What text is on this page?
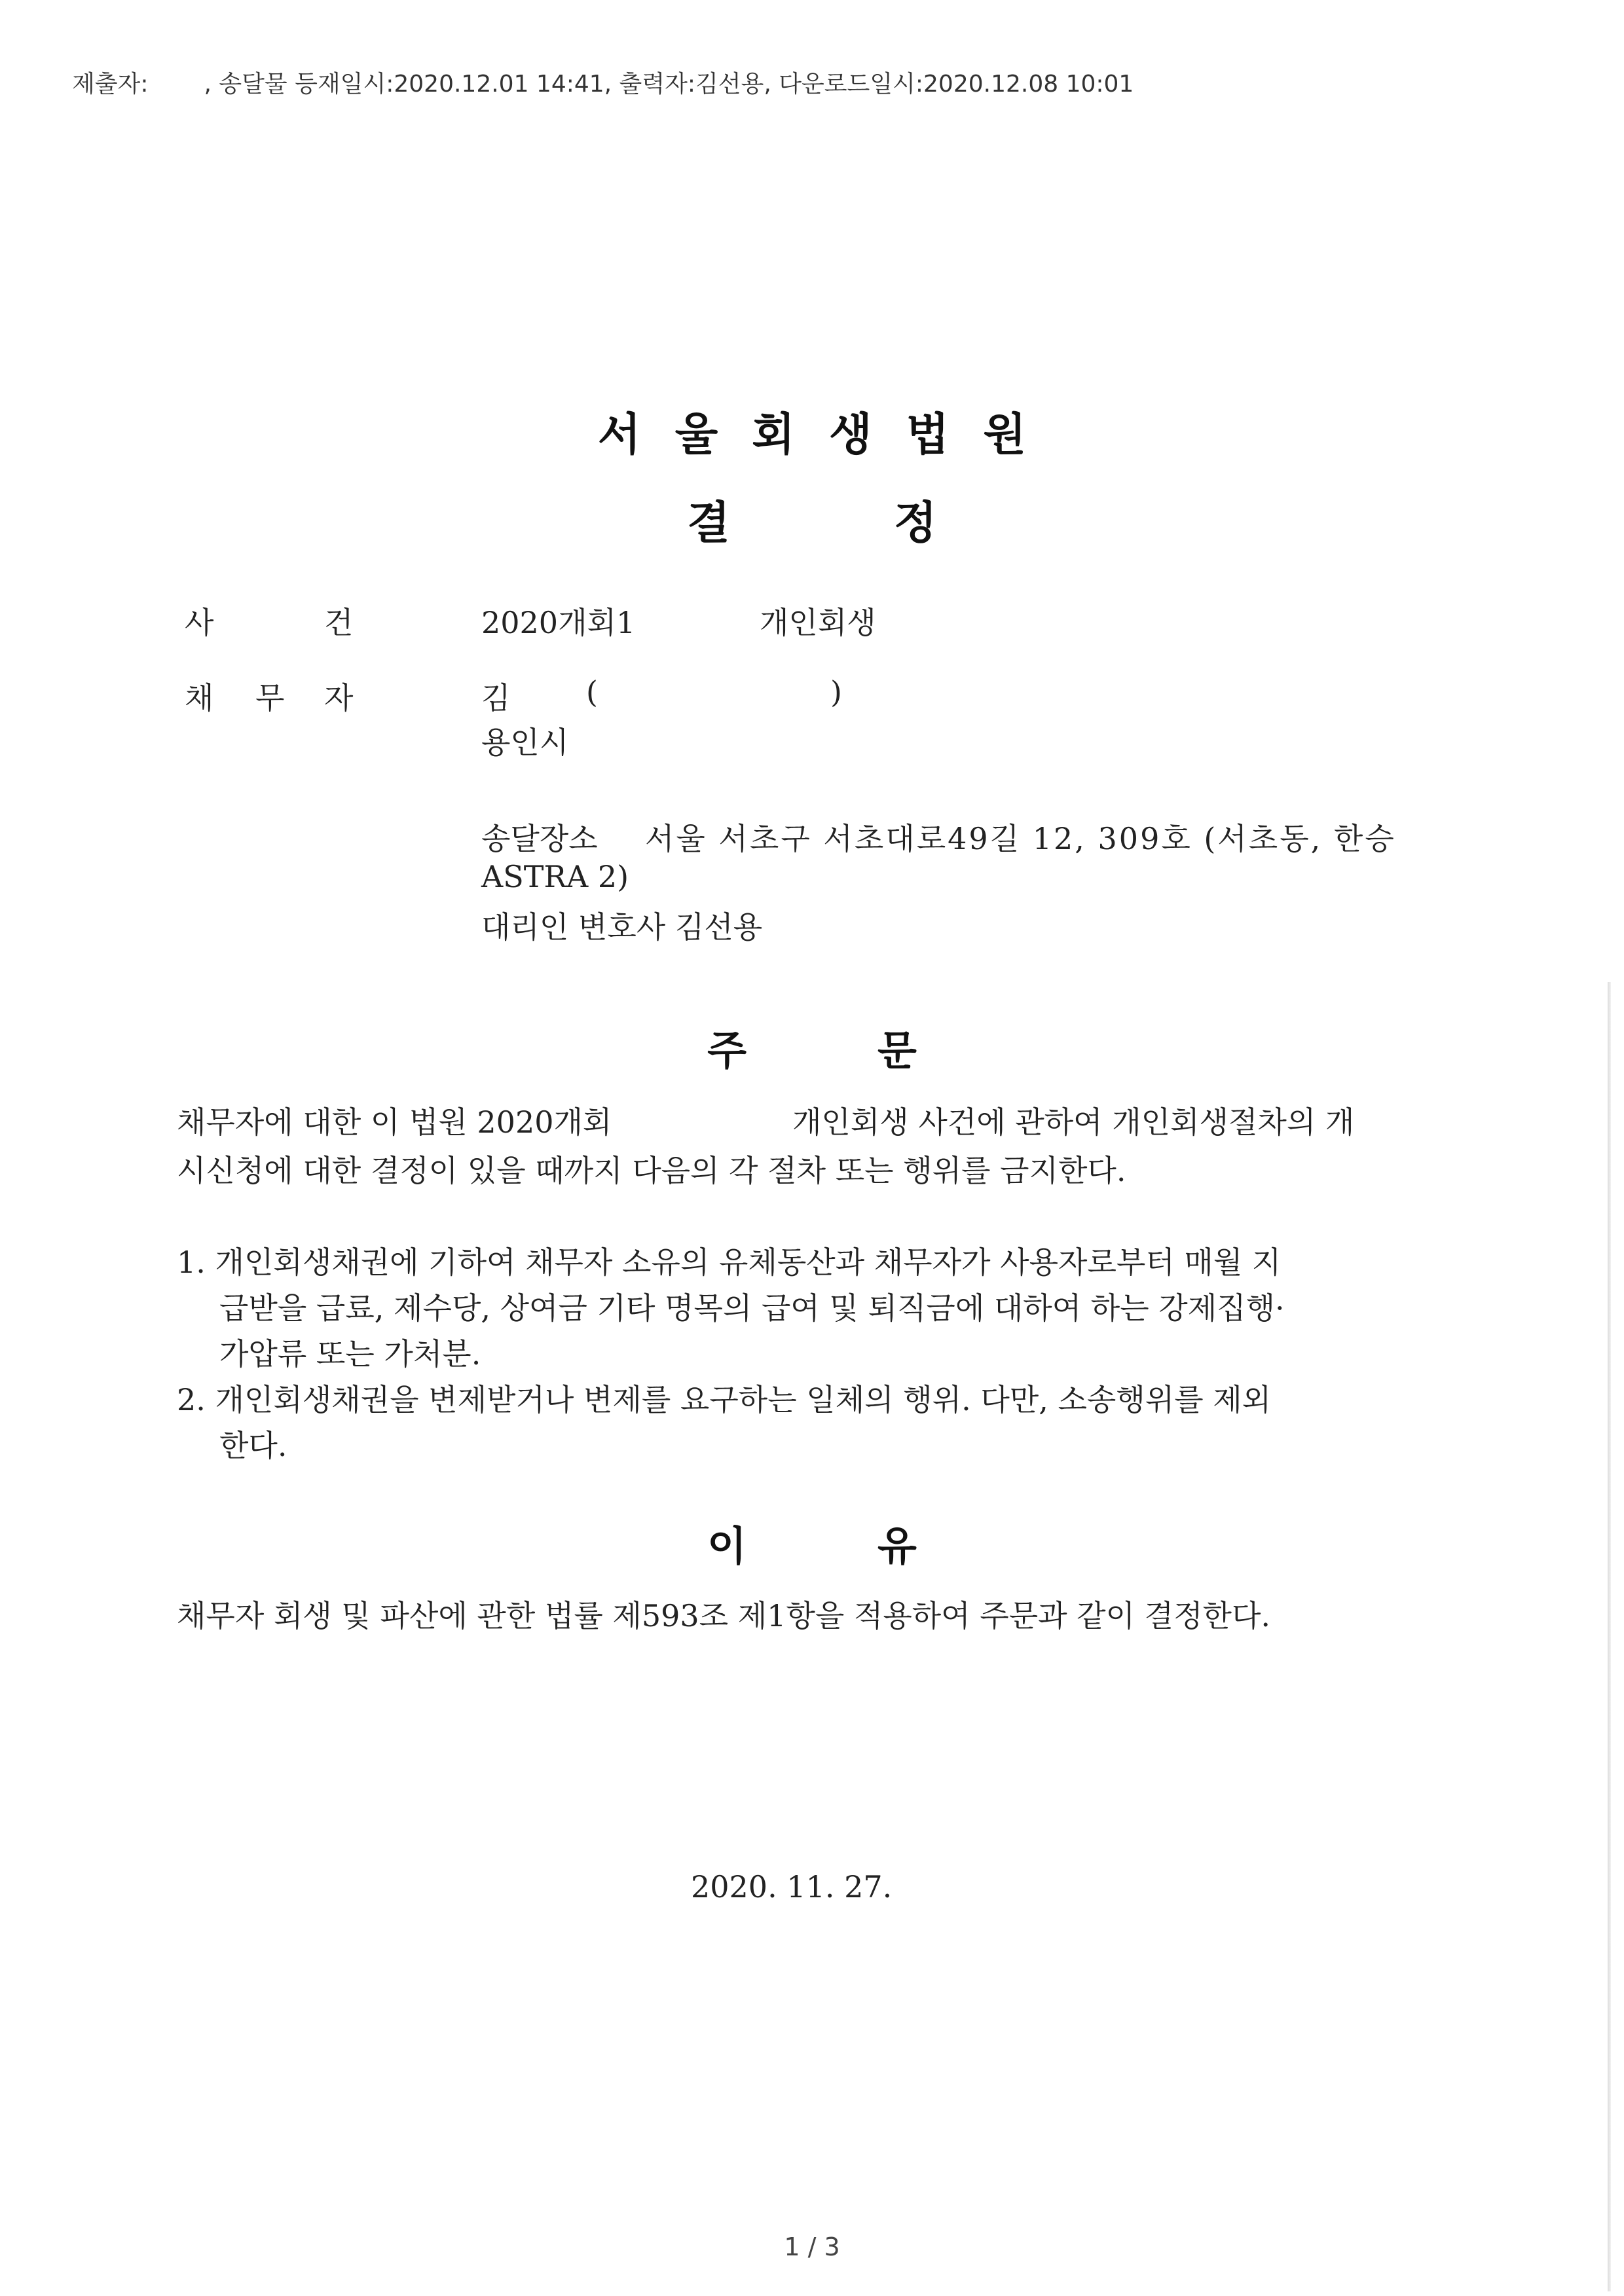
제출자: , 송달물 등재일시:2020.12.01 14:41, 출력자:김선용, 다운로드일시:2020.12.08 10:01
서울회생법원
결	정
사	건	2020개회1	개인회생
채 무 자	김	(	)
용인시
송달장소 서울 서초구 서초대로49길 12, 309호 (서초동, 한승
ASTRA 2)
대리인 변호사 김선용
주	문
채무자에 대한 이 법원 2020개회	개인회생 사건에 관하여 개인회생절차의 개
시신청에 대한 결정이 있을 때까지 다음의 각 절차 또는 행위를 금지한다.
1. 개인회생채권에 기하여 채무자 소유의 유체동산과 채무자가 사용자로부터 매월 지
급받을 급료, 제수당, 상여금 기타 명목의 급여 및 퇴직금에 대하여 하는 강제집행·
가압류 또는 가처분.
2. 개인회생채권을 변제받거나 변제를 요구하는 일체의 행위. 다만, 소송행위를 제외
한다.
이	유
채무자 회생 및 파산에 관한 법률 제593조 제1항을 적용하여 주문과 같이 결정한다.
2020. 11. 27.
1 / 3
